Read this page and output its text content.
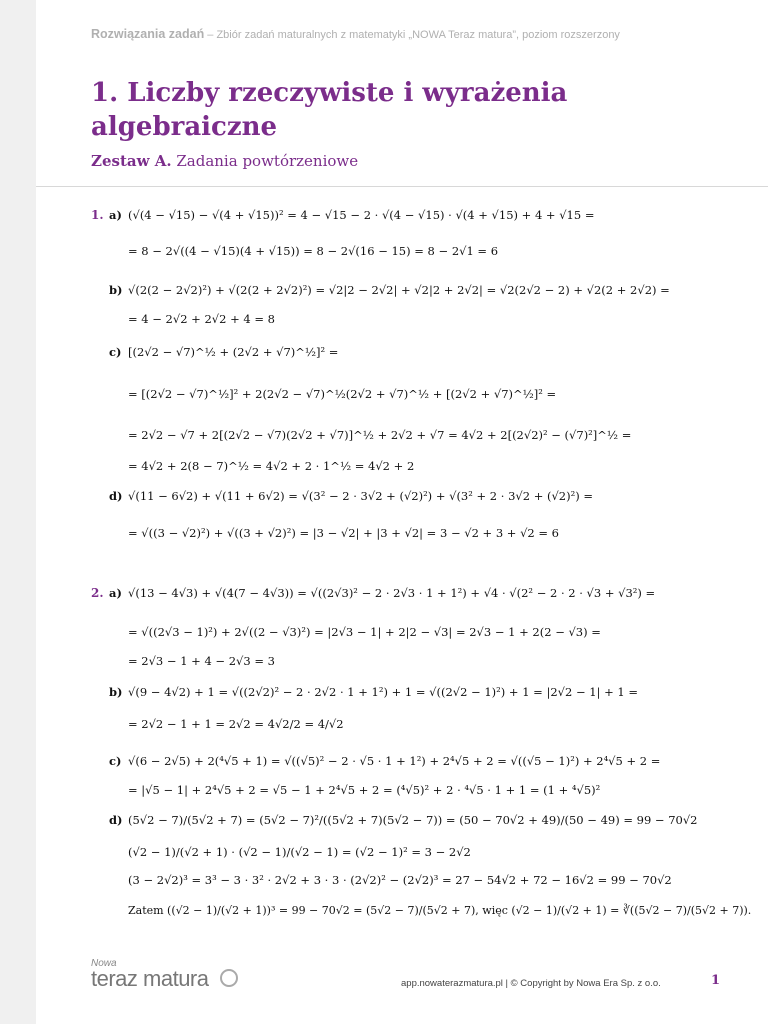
Rozwiązania zadań – Zbiór zadań maturalnych z matematyki „NOWA Teraz matura”, poziom rozszerzony
1. Liczby rzeczywiste i wyrażenia algebraiczne
Zestaw A. Zadania powtórzeniowe
1. a) (√(4 − √15) − √(4 + √15))² = 4 − √15 − 2 · √(4 − √15) · √(4 + √15) + 4 + √15 =
= 8 − 2√((4 − √15)(4 + √15)) = 8 − 2√(16 − 15) = 8 − 2√1 = 6
b) √(2(2 − 2√2)²) + √(2(2 + 2√2)²) = √2|2 − 2√2| + √2|2 + 2√2| = √2(2√2 − 2) + √2(2 + 2√2) =
= 4 − 2√2 + 2√2 + 4 = 8
c) [(2√2 − √7)^½ + (2√2 + √7)^½]² =
= [(2√2 − √7)^½]² + 2(2√2 − √7)^½(2√2 + √7)^½ + [(2√2 + √7)^½]² =
= 2√2 − √7 + 2[(2√2 − √7)(2√2 + √7)]^½ + 2√2 + √7 = 4√2 + 2[(2√2)² − (√7)²]^½ =
= 4√2 + 2(8 − 7)^½ = 4√2 + 2 · 1^½ = 4√2 + 2
d) √(11 − 6√2) + √(11 + 6√2) = √(3² − 2 · 3√2 + (√2)²) + √(3² + 2 · 3√2 + (√2)²) =
= √((3 − √2)²) + √((3 + √2)²) = |3 − √2| + |3 + √2| = 3 − √2 + 3 + √2 = 6
2. a) √(13 − 4√3) + √(4(7 − 4√3)) = √((2√3)² − 2 · 2√3 · 1 + 1²) + √4 · √(2² − 2 · 2 · √3 + √3²) =
= √((2√3 − 1)²) + 2√((2 − √3)²) = |2√3 − 1| + 2|2 − √3| = 2√3 − 1 + 2(2 − √3) =
= 2√3 − 1 + 4 − 2√3 = 3
b) √(9 − 4√2) + 1 = √((2√2)² − 2 · 2√2 · 1 + 1²) + 1 = √((2√2 − 1)²) + 1 = |2√2 − 1| + 1 =
= 2√2 − 1 + 1 = 2√2 = 4√2/2 = 4/√2
c) √(6 − 2√5) + 2(⁴√5 + 1) = √((√5)² − 2 · √5 · 1 + 1²) + 2⁴√5 + 2 = √((√5 − 1)²) + 2⁴√5 + 2 =
= |√5 − 1| + 2⁴√5 + 2 = √5 − 1 + 2⁴√5 + 2 = (⁴√5)² + 2 · ⁴√5 · 1 + 1 = (1 + ⁴√5)²
d) (5√2 − 7)/(5√2 + 7) = (5√2 − 7)²/((5√2 + 7)(5√2 − 7)) = (50 − 70√2 + 49)/(50 − 49) = 99 − 70√2
(√2 − 1)/(√2 + 1) · (√2 − 1)/(√2 − 1) = (√2 − 1)² = 3 − 2√2
(3 − 2√2)³ = 3³ − 3 · 3² · 2√2 + 3 · 3 · (2√2)² − (2√2)³ = 27 − 54√2 + 72 − 16√2 = 99 − 70√2
Zatem ((√2 − 1)/(√2 + 1))³ = 99 − 70√2 = (5√2 − 7)/(5√2 + 7), więc (√2 − 1)/(√2 + 1) = ∛((5√2 − 7)/(5√2 + 7)).
Nowa
teraz matura	app.nowaterazmatura.pl | © Copyright by Nowa Era Sp. z o.o.	1
